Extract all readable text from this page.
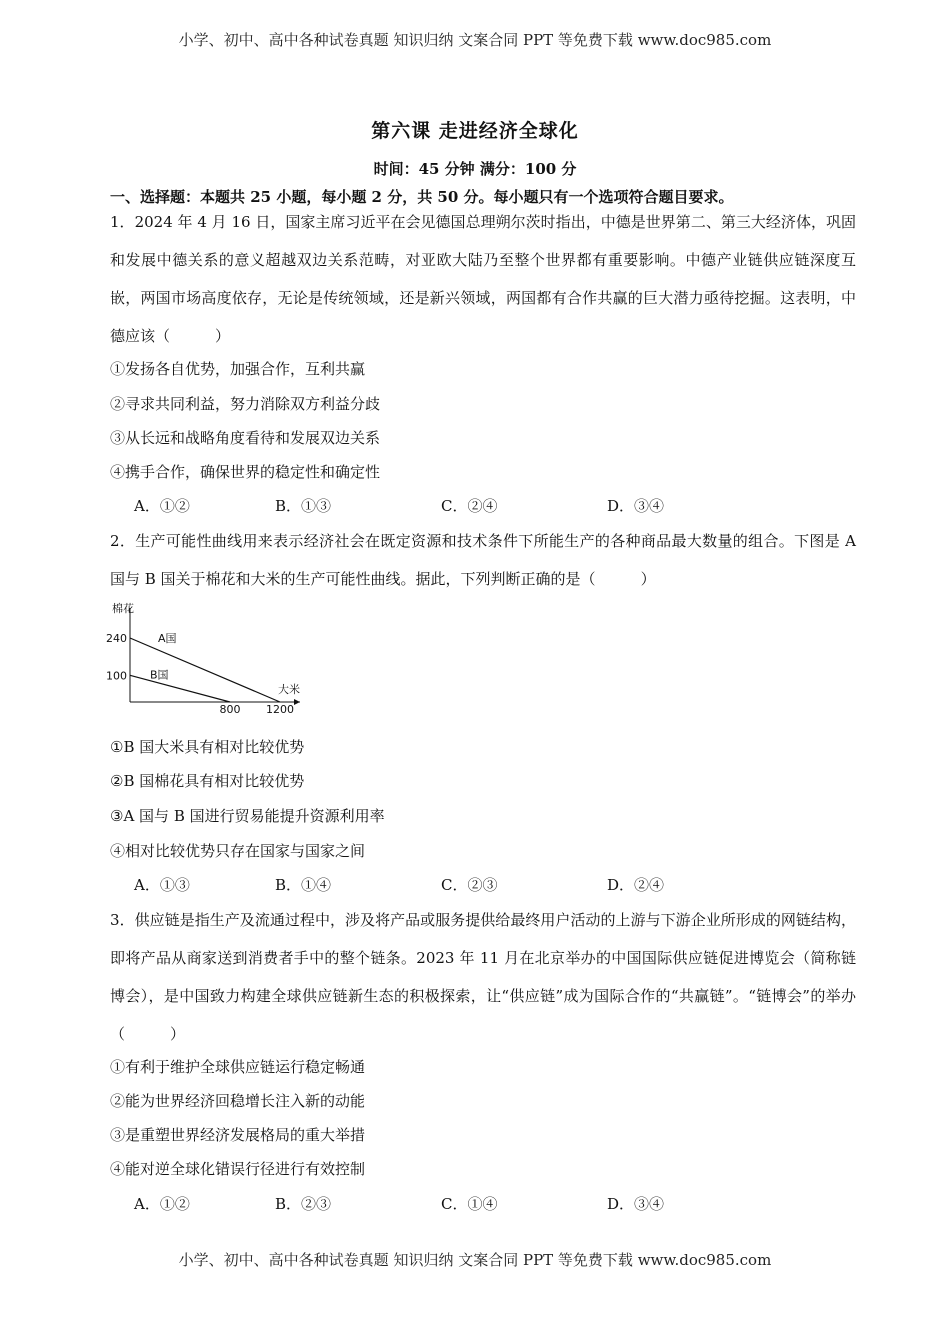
小学、初中、高中各种试卷真题 知识归纳 文案合同 PPT 等免费下载 www.doc985.com
第六课 走进经济全球化
时间：45 分钟 满分：100 分
一、选择题：本题共 25 小题，每小题 2 分，共 50 分。每小题只有一个选项符合题目要求。
1．2024 年 4 月 16 日，国家主席习近平在会见德国总理朔尔茨时指出，中德是世界第二、第三大经济体，巩固和发展中德关系的意义超越双边关系范畴，对亚欧大陆乃至整个世界都有重要影响。中德产业链供应链深度互嵌，两国市场高度依存，无论是传统领域，还是新兴领域，两国都有合作共赢的巨大潜力亟待挖掘。这表明，中德应该（　　　）
①发扬各自优势，加强合作，互利共赢
②寻求共同利益，努力消除双方利益分歧
③从长远和战略角度看待和发展双边关系
④携手合作，确保世界的稳定性和确定性
A．①②	B．①③	C．②④	D．③④
2．生产可能性曲线用来表示经济社会在既定资源和技术条件下所能生产的各种商品最大数量的组合。下图是 A 国与 B 国关于棉花和大米的生产可能性曲线。据此，下列判断正确的是（　　　）
棉花
大米
240
100
800 1200
A国
B国
①B 国大米具有相对比较优势
②B 国棉花具有相对比较优势
③A 国与 B 国进行贸易能提升资源利用率
④相对比较优势只存在国家与国家之间
A．①③	B．①④	C．②③	D．②④
3．供应链是指生产及流通过程中，涉及将产品或服务提供给最终用户活动的上游与下游企业所形成的网链结构，即将产品从商家送到消费者手中的整个链条。2023 年 11 月在北京举办的中国国际供应链促进博览会（简称链博会），是中国致力构建全球供应链新生态的积极探索，让“供应链”成为国际合作的“共赢链”。“链博会”的举办（　　　）
①有利于维护全球供应链运行稳定畅通
②能为世界经济回稳增长注入新的动能
③是重塑世界经济发展格局的重大举措
④能对逆全球化错误行径进行有效控制
A．①②	B．②③	C．①④	D．③④
小学、初中、高中各种试卷真题 知识归纳 文案合同 PPT 等免费下载 www.doc985.com
